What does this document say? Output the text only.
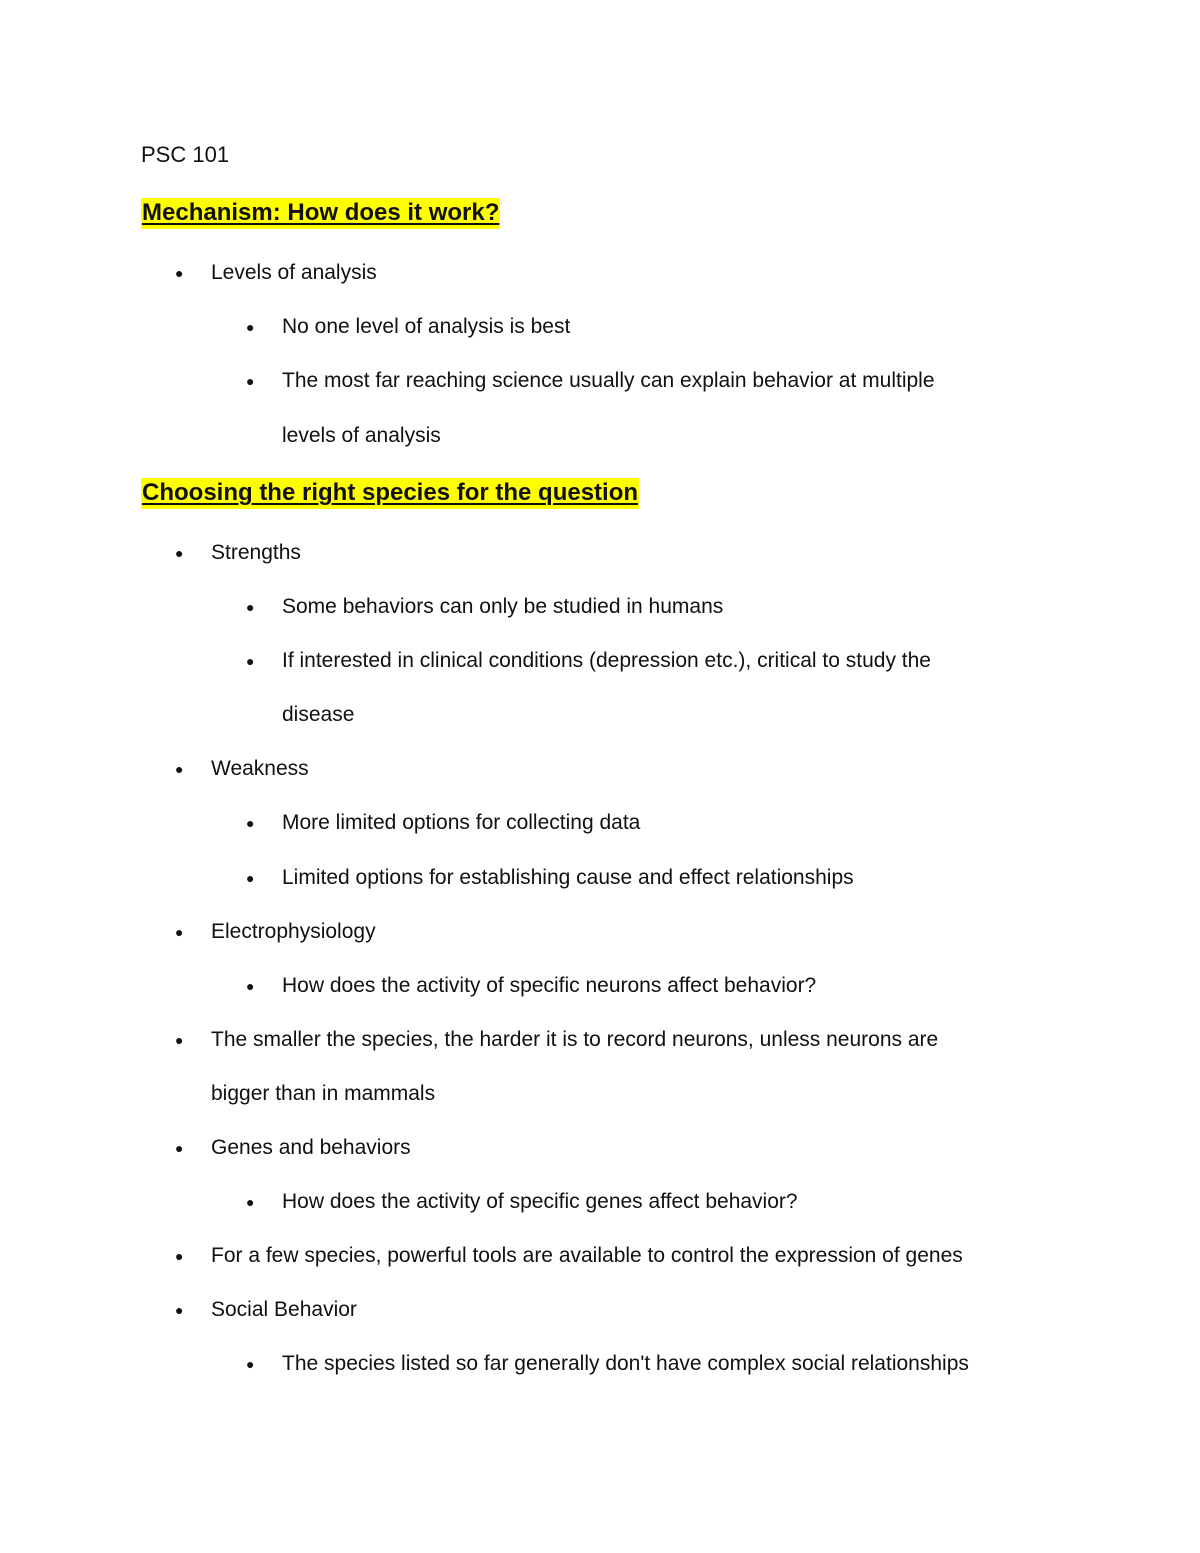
PSC 101
Mechanism: How does it work?
● Levels of analysis
● No one level of analysis is best
● The most far reaching science usually can explain behavior at multiple
levels of analysis
Choosing the right species for the question
● Strengths
● Some behaviors can only be studied in humans
● If interested in clinical conditions (depression etc.), critical to study the
disease
● Weakness
● More limited options for collecting data
● Limited options for establishing cause and effect relationships
● Electrophysiology
● How does the activity of specific neurons affect behavior?
● The smaller the species, the harder it is to record neurons, unless neurons are
bigger than in mammals
● Genes and behaviors
● How does the activity of specific genes affect behavior?
● For a few species, powerful tools are available to control the expression of genes
● Social Behavior
● The species listed so far generally don't have complex social relationships
